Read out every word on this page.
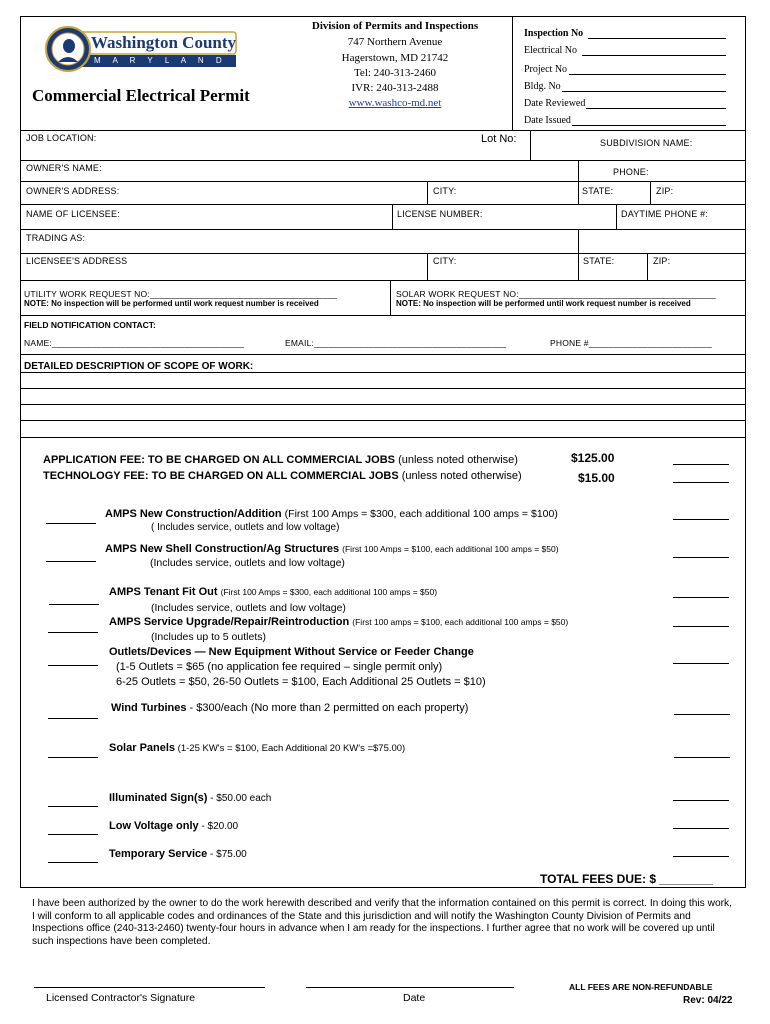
Washington County
M A R Y L A N D
Commercial Electrical Permit
Division of Permits and Inspections
747 Northern Avenue
Hagerstown, MD 21742
Tel: 240-313-2460
IVR: 240-313-2488
www.washco-md.net
Inspection No
Electrical No
Project No
Bldg. No
Date Reviewed
Date Issued
JOB LOCATION:	Lot No:	SUBDIVISION NAME:
OWNER'S NAME:	PHONE:
OWNER'S ADDRESS:	CITY:	STATE:	ZIP:
NAME OF LICENSEE:	LICENSE NUMBER:	DAYTIME PHONE #:
TRADING AS:
LICENSEE'S ADDRESS	CITY:	STATE:	ZIP:
UTILITY WORK REQUEST NO:______________________________________
NOTE: No inspection will be performed until work request number is received
SOLAR WORK REQUEST NO:________________________________________
NOTE: No inspection will be performed until work request number is received
FIELD NOTIFICATION CONTACT:
NAME:_______________________________________	EMAIL:_______________________________________	PHONE #_________________________
DETAILED DESCRIPTION OF SCOPE OF WORK:
APPLICATION FEE: TO BE CHARGED ON ALL COMMERCIAL JOBS (unless noted otherwise)	$125.00
TECHNOLOGY FEE: TO BE CHARGED ON ALL COMMERCIAL JOBS (unless noted otherwise)	$15.00
AMPS New Construction/Addition (First 100 Amps = $300, each additional 100 amps = $100)
( Includes service, outlets and low voltage)
AMPS New Shell Construction/Ag Structures (First 100 Amps = $100, each additional 100 amps = $50)
(Includes service, outlets and low voltage)
AMPS Tenant Fit Out (First 100 Amps = $300, each additional 100 amps = $50)
(Includes service, outlets and low voltage)
AMPS Service Upgrade/Repair/Reintroduction (First 100 amps = $100, each additional 100 amps = $50)
(Includes up to 5 outlets)
Outlets/Devices — New Equipment Without Service or Feeder Change
(1-5 Outlets = $65 (no application fee required – single permit only)
6-25 Outlets = $50, 26-50 Outlets = $100, Each Additional 25 Outlets = $10)
Wind Turbines - $300/each (No more than 2 permitted on each property)
Solar Panels (1-25 KW's = $100, Each Additional 20 KW's =$75.00)
Illuminated Sign(s) - $50.00 each
Low Voltage only - $20.00
Temporary Service - $75.00
TOTAL FEES DUE: $ ________
I have been authorized by the owner to do the work herewith described and verify that the information contained on this permit is correct. In doing this work, I will conform to all applicable codes and ordinances of the State and this jurisdiction and will notify the Washington County Division of Permits and Inspections office (240-313-2460) twenty-four hours in advance when I am ready for the inspections. I further agree that no work will be covered up until such inspections have been completed.
Licensed Contractor's Signature	Date
ALL FEES ARE NON-REFUNDABLE
Rev: 04/22
